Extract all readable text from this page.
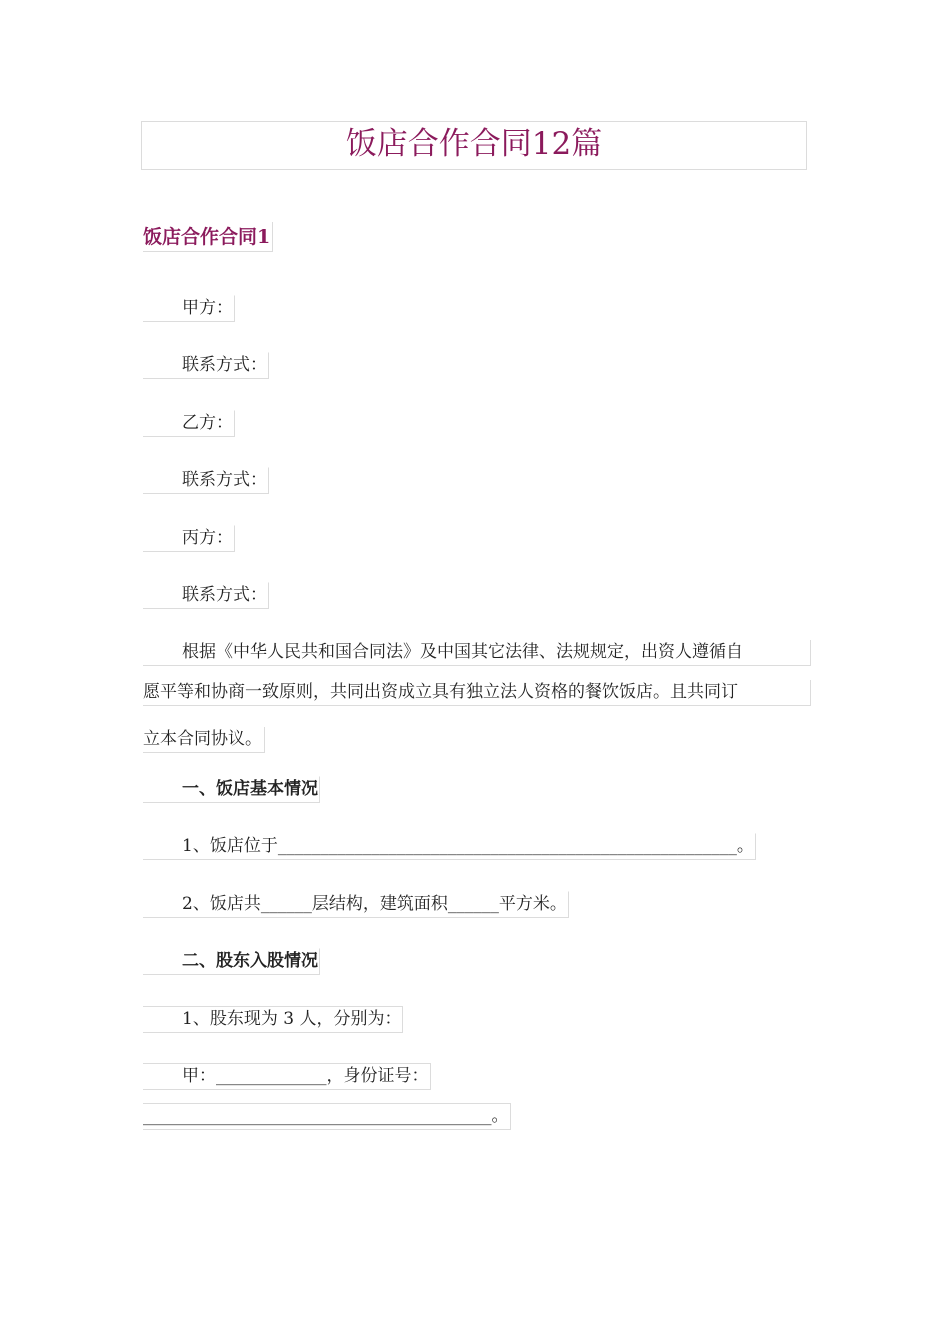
饭店合作合同12篇
饭店合作合同1
甲方：
联系方式：
乙方：
联系方式：
丙方：
联系方式：
根据《中华人民共和国合同法》及中国其它法律、法规规定，出资人遵循自
愿平等和协商一致原则，共同出资成立具有独立法人资格的餐饮饭店。且共同订
立本合同协议。
一、饭店基本情况
1、饭店位于______________________________________________________。
2、饭店共______层结构，建筑面积______平方米。
二、股东入股情况
1、股东现为 3 人，分别为：
甲：_____________，身份证号：
_________________________________________。
